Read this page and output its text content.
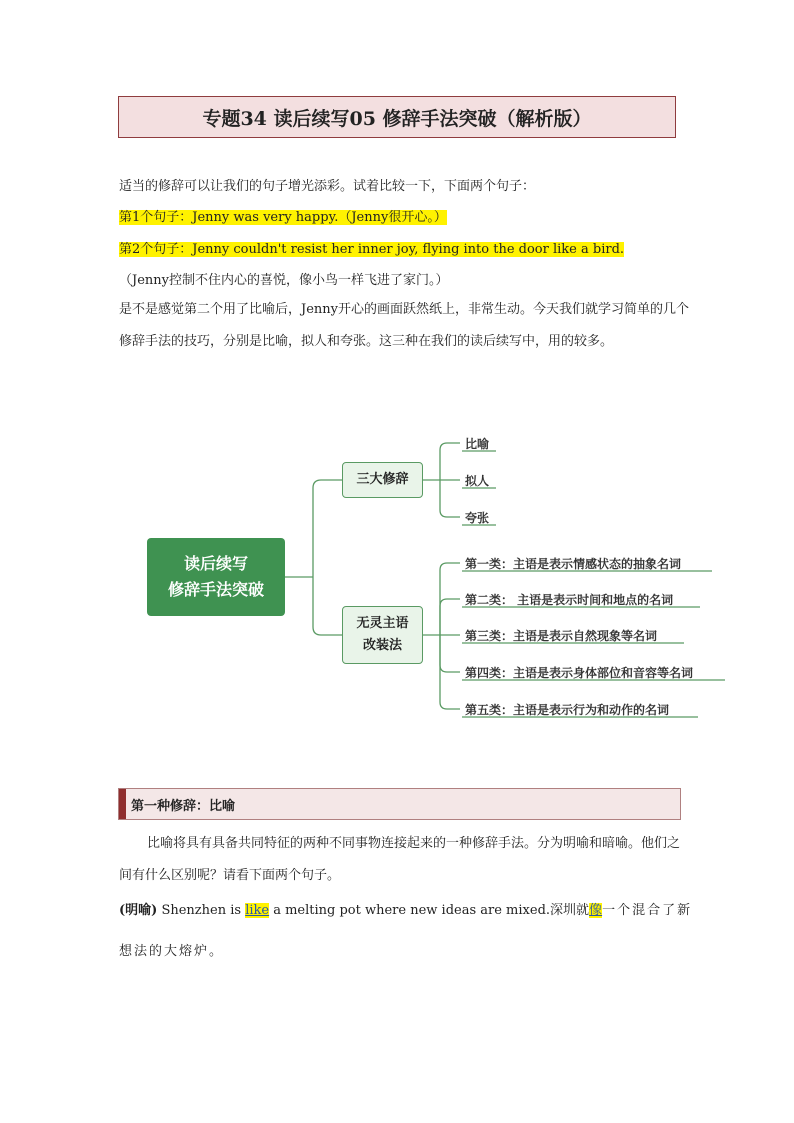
专题34 读后续写05 修辞手法突破（解析版）
适当的修辞可以让我们的句子增光添彩。试着比较一下，下面两个句子：
第1个句子：Jenny was very happy.（Jenny很开心。）
第2个句子：Jenny couldn't resist her inner joy, flying into the door like a bird.
（Jenny控制不住内心的喜悦，像小鸟一样飞进了家门。）
是不是感觉第二个用了比喻后，Jenny开心的画面跃然纸上，非常生动。今天我们就学习简单的几个修辞手法的技巧，分别是比喻，拟人和夸张。这三种在我们的读后续写中，用的较多。
读后续写
修辞手法突破
三大修辞
无灵主语
改装法
比喻
拟人
夸张
第一类：主语是表示情感状态的抽象名词
第二类： 主语是表示时间和地点的名词
第三类：主语是表示自然现象等名词
第四类：主语是表示身体部位和音容等名词
第五类：主语是表示行为和动作的名词
第一种修辞：比喻
比喻将具有具备共同特征的两种不同事物连接起来的一种修辞手法。分为明喻和暗喻。他们之间有什么区别呢？请看下面两个句子。
(明喻) Shenzhen is like a melting pot where new ideas are mixed.深圳就像一个混合了新
想法的大熔炉。
